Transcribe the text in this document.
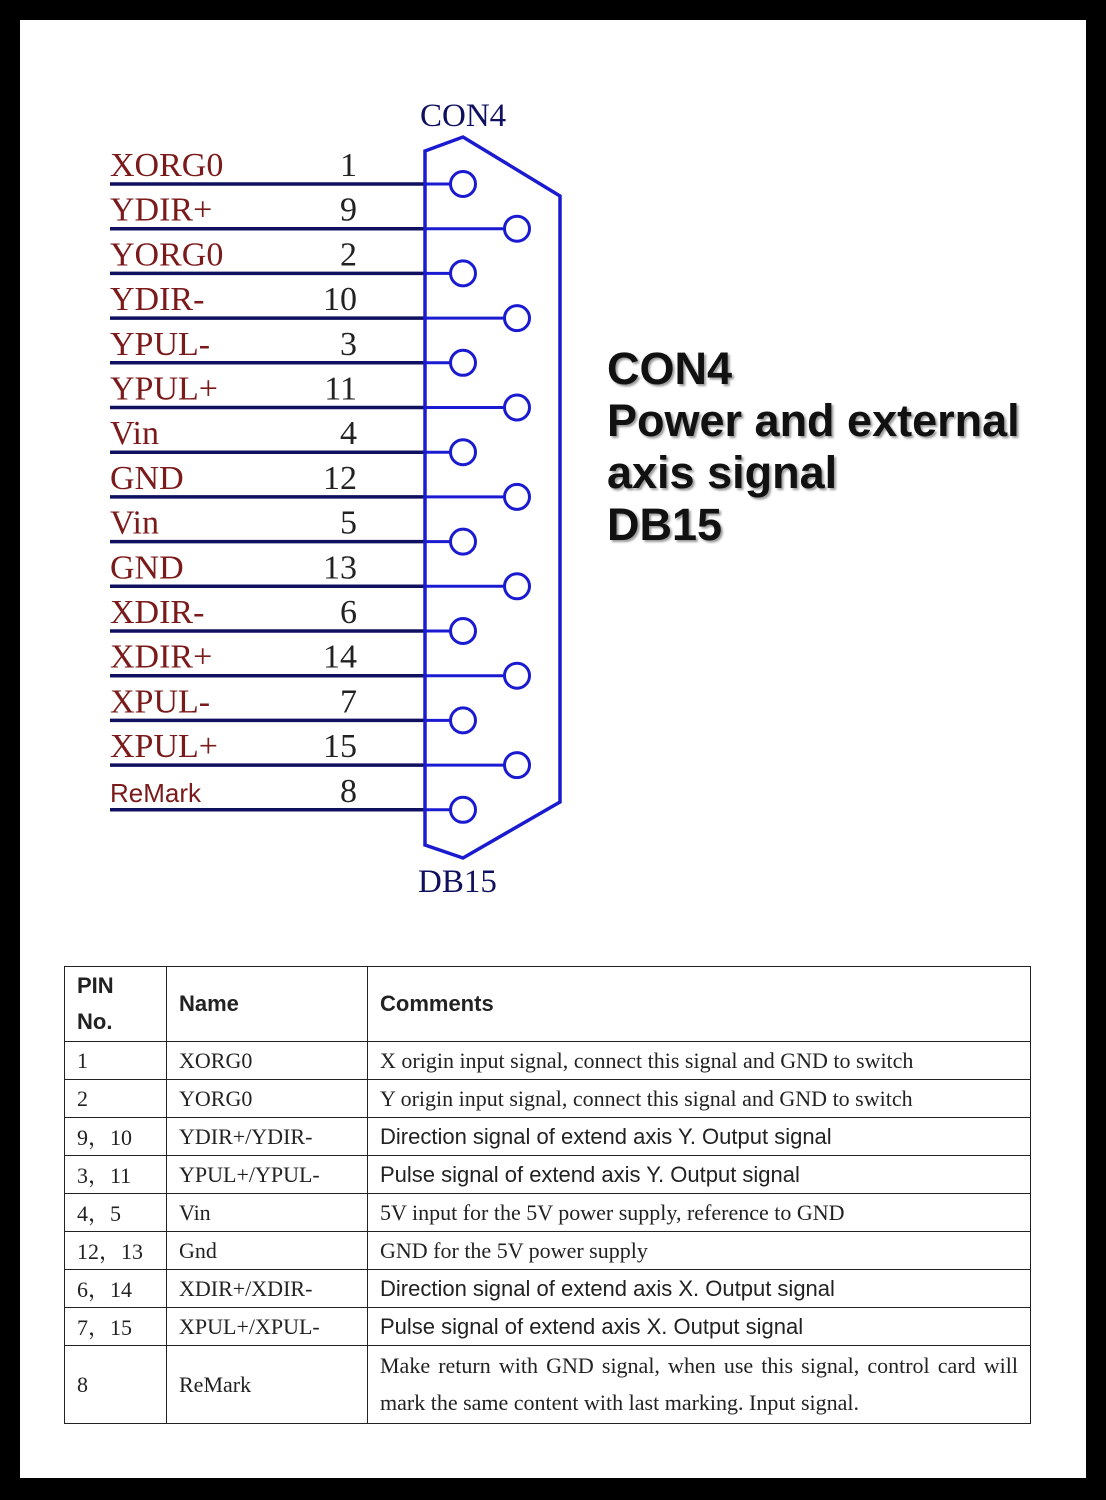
CON4
XORG0	1
YDIR+	9
YORG0	2
YDIR-	10
YPUL-	3
YPUL+	11
Vin	4
GND	12
Vin	5
GND	13
XDIR-	6
XDIR+	14
XPUL-	7
XPUL+	15
ReMark	8
DB15
CON4
Power and external
axis signal
DB15
PIN No.	Name	Comments
1	XORG0	X origin input signal, connect this signal and GND to switch
2	YORG0	Y origin input signal, connect this signal and GND to switch
9，10	YDIR+/YDIR-	Direction signal of extend axis Y. Output signal
3，11	YPUL+/YPUL-	Pulse signal of extend axis Y. Output signal
4，5	Vin	5V input for the 5V power supply, reference to GND
12，13	Gnd	GND for the 5V power supply
6，14	XDIR+/XDIR-	Direction signal of extend axis X. Output signal
7，15	XPUL+/XPUL-	Pulse signal of extend axis X. Output signal
8	ReMark	Make return with GND signal, when use this signal, control card will mark the same content with last marking. Input signal.
